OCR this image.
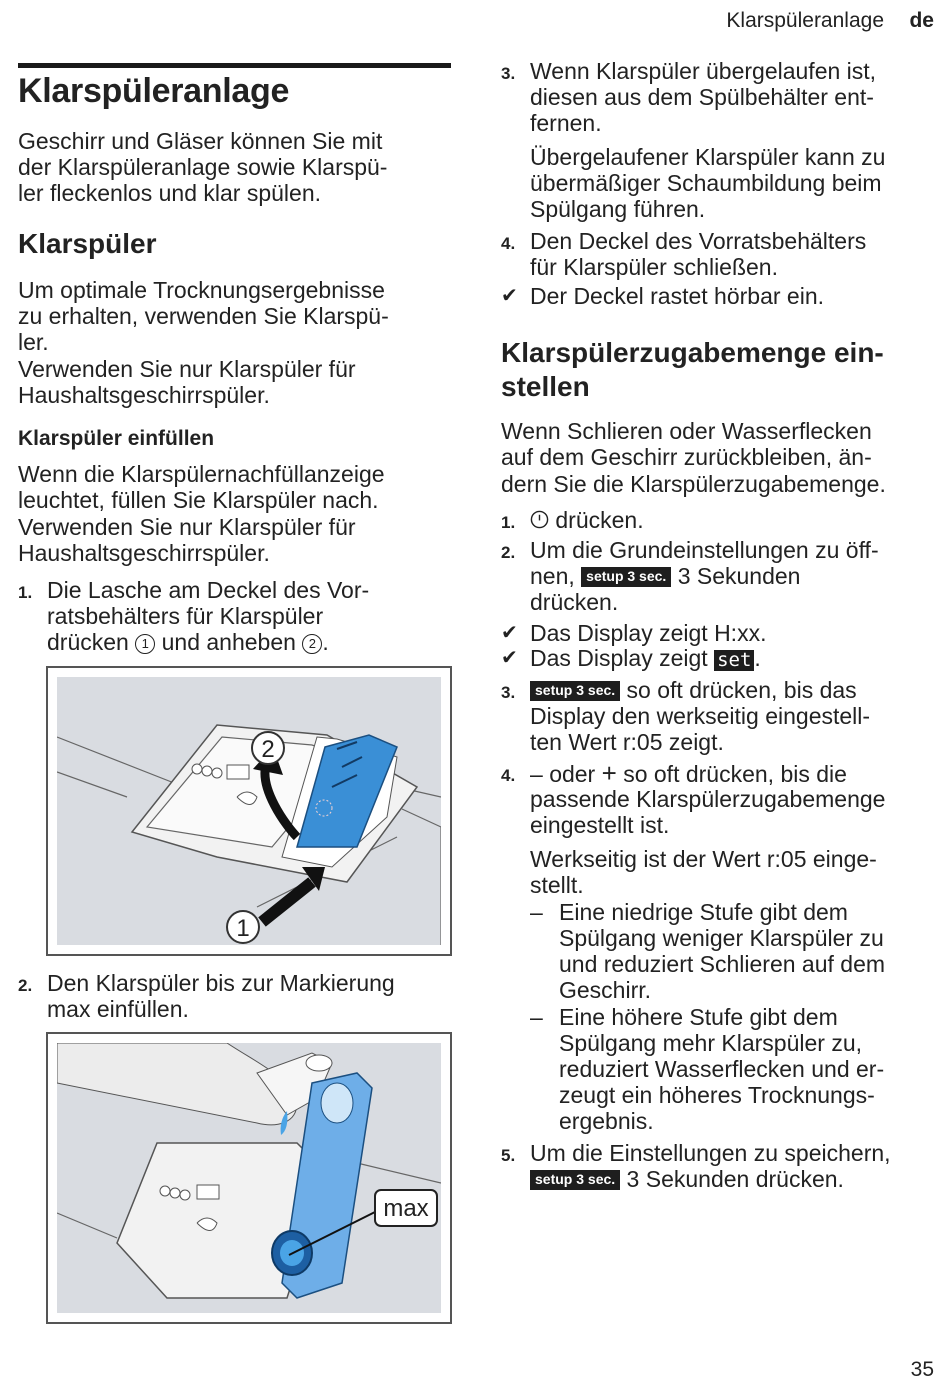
Klarspüleranlage de
Klarspüleranlage

Geschirr und Gläser können Sie mit

der Klarspüleranlage sowie Klarspü-

ler fleckenlos und klar spülen.

Klarspüler

Um optimale Trocknungsergebnisse

zu erhalten, verwenden Sie Klarspü-

ler.

Verwenden Sie nur Klarspüler für

Haushaltsgeschirrspüler.

Klarspüler einfüllen

Wenn die Klarspülernachfüllanzeige

leuchtet, füllen Sie Klarspüler nach.

Verwenden Sie nur Klarspüler für

Haushaltsgeschirrspüler.

1. Die Lasche am Deckel des Vor-
ratsbehälters für Klarspüler
drücken 1 und anheben 2 .
2
1
2. Den Klarspüler bis zur Markierung
max einfüllen.
max
3. Wenn Klarspüler übergelaufen ist,
diesen aus dem Spülbehälter ent-
fernen.
Übergelaufener Klarspüler kann zu
übermäßiger Schaumbildung beim
Spülgang führen.
4. Den Deckel des Vorratsbehälters
für Klarspüler schließen.
✔ Der Deckel rastet hörbar ein.
Klarspülerzugabemenge ein-
stellen

Wenn Schlieren oder Wasserflecken

auf dem Geschirr zurückbleiben, än-

dern Sie die Klarspülerzugabemenge.

1.	drücken.
2. Um die Grundeinstellungen zu öff-
nen, setup 3 sec. 3 Sekunden
drücken.
✔ Das Display zeigt H:xx.
✔ Das Display zeigt set .
3.	setup 3 sec. so oft drücken, bis das
Display den werkseitig eingestell-
ten Wert r:05 zeigt.
4. – oder + so oft drücken, bis die
passende Klarspülerzugabemenge
eingestellt ist.

Werkseitig ist der Wert r:05 einge-

stellt.

– Eine niedrige Stufe gibt dem
Spülgang weniger Klarspüler zu
und reduziert Schlieren auf dem
Geschirr.
– Eine höhere Stufe gibt dem
Spülgang mehr Klarspüler zu,
reduziert Wasserflecken und er-
zeugt ein höheres Trocknungs-
ergebnis.
5. Um die Einstellungen zu speichern,
setup 3 sec. 3 Sekunden drücken.
35
